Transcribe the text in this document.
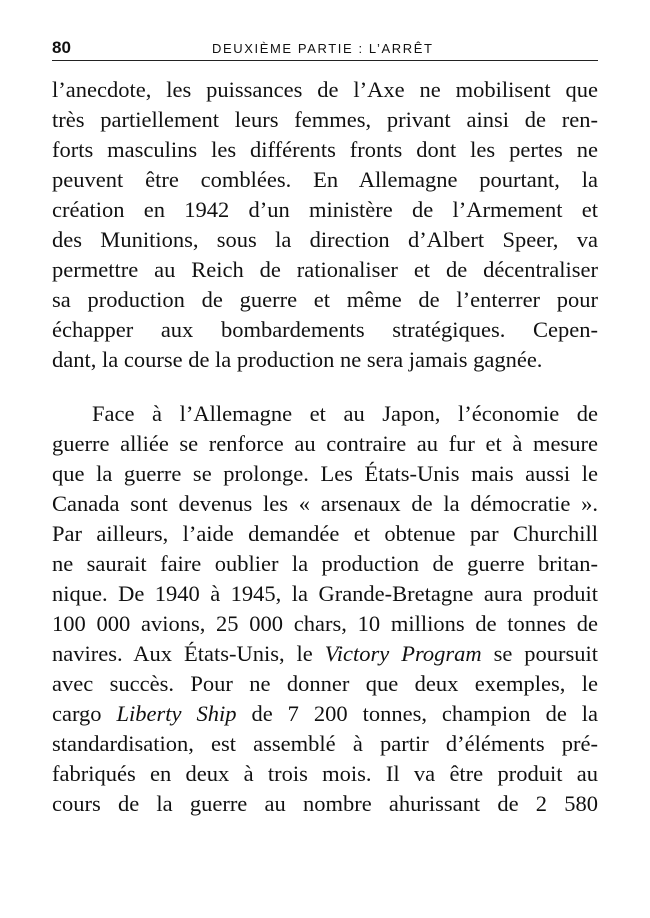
80	DEUXIÈME PARTIE : L’ARRÊT
l’anecdote, les puissances de l’Axe ne mobilisent que
très partiellement leurs femmes, privant ainsi de ren-
forts masculins les différents fronts dont les pertes ne
peuvent être comblées. En Allemagne pourtant, la
création en 1942 d’un ministère de l’Armement et
des Munitions, sous la direction d’Albert Speer, va
permettre au Reich de rationaliser et de décentraliser
sa production de guerre et même de l’enterrer pour
échapper aux bombardements stratégiques. Cepen-
dant, la course de la production ne sera jamais gagnée.
Face à l’Allemagne et au Japon, l’économie de
guerre alliée se renforce au contraire au fur et à mesure
que la guerre se prolonge. Les États-Unis mais aussi le
Canada sont devenus les « arsenaux de la démocratie ».
Par ailleurs, l’aide demandée et obtenue par Churchill
ne saurait faire oublier la production de guerre britan-
nique. De 1940 à 1945, la Grande-Bretagne aura produit
100 000 avions, 25 000 chars, 10 millions de tonnes de
navires. Aux États-Unis, le Victory Program se poursuit
avec succès. Pour ne donner que deux exemples, le
cargo Liberty Ship de 7 200 tonnes, champion de la
standardisation, est assemblé à partir d’éléments pré-
fabriqués en deux à trois mois. Il va être produit au
cours de la guerre au nombre ahurissant de 2 580
